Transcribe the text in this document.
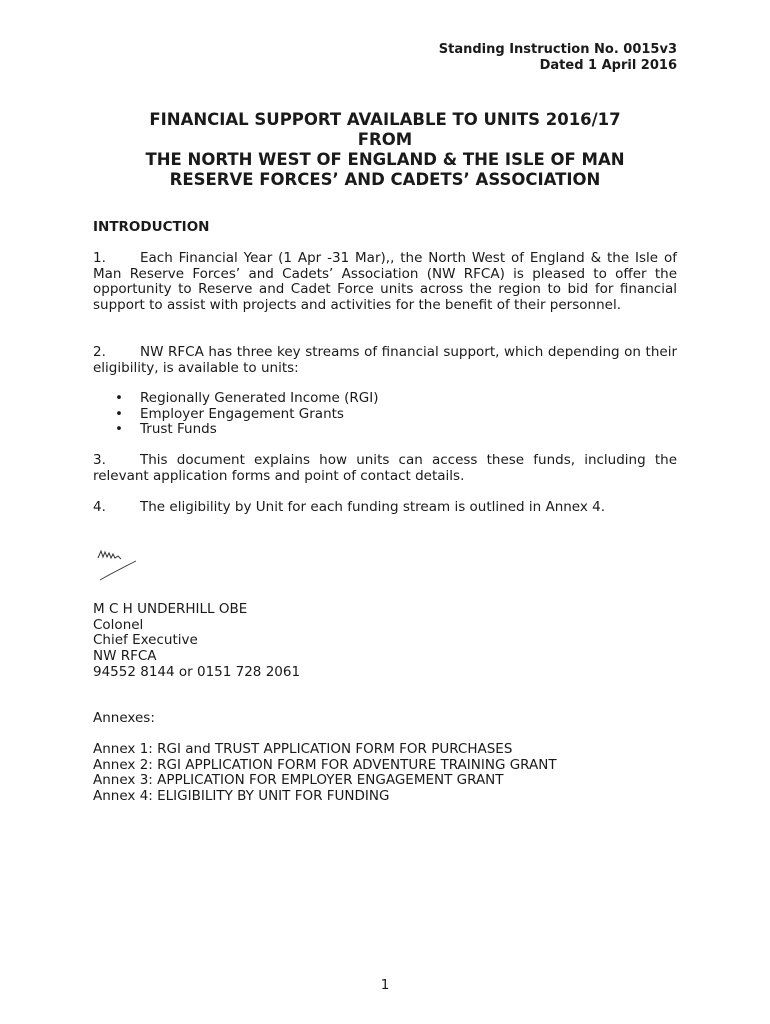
Standing Instruction No. 0015v3
Dated 1 April 2016
FINANCIAL SUPPORT AVAILABLE TO UNITS 2016/17
FROM
THE NORTH WEST OF ENGLAND & THE ISLE OF MAN
RESERVE FORCES’ AND CADETS’ ASSOCIATION
INTRODUCTION

1.	Each Financial Year (1 Apr -31 Mar),, the North West of England & the Isle of Man Reserve Forces’ and Cadets’ Association (NW RFCA) is pleased to offer the opportunity to Reserve and Cadet Force units across the region to bid for financial support to assist with projects and activities for the benefit of their personnel.

2.	NW RFCA has three key streams of financial support, which depending on their eligibility, is available to units:

• Regionally Generated Income (RGI)
• Employer Engagement Grants
• Trust Funds

3.	This document explains how units can access these funds, including the relevant application forms and point of contact details.

4.	The eligibility by Unit for each funding stream is outlined in Annex 4.

M C H UNDERHILL OBE
Colonel
Chief Executive
NW RFCA
94552 8144 or 0151 728 2061
Annexes:
Annex 1: RGI and TRUST APPLICATION FORM FOR PURCHASES
Annex 2: RGI APPLICATION FORM FOR ADVENTURE TRAINING GRANT
Annex 3: APPLICATION FOR EMPLOYER ENGAGEMENT GRANT
Annex 4: ELIGIBILITY BY UNIT FOR FUNDING
1
